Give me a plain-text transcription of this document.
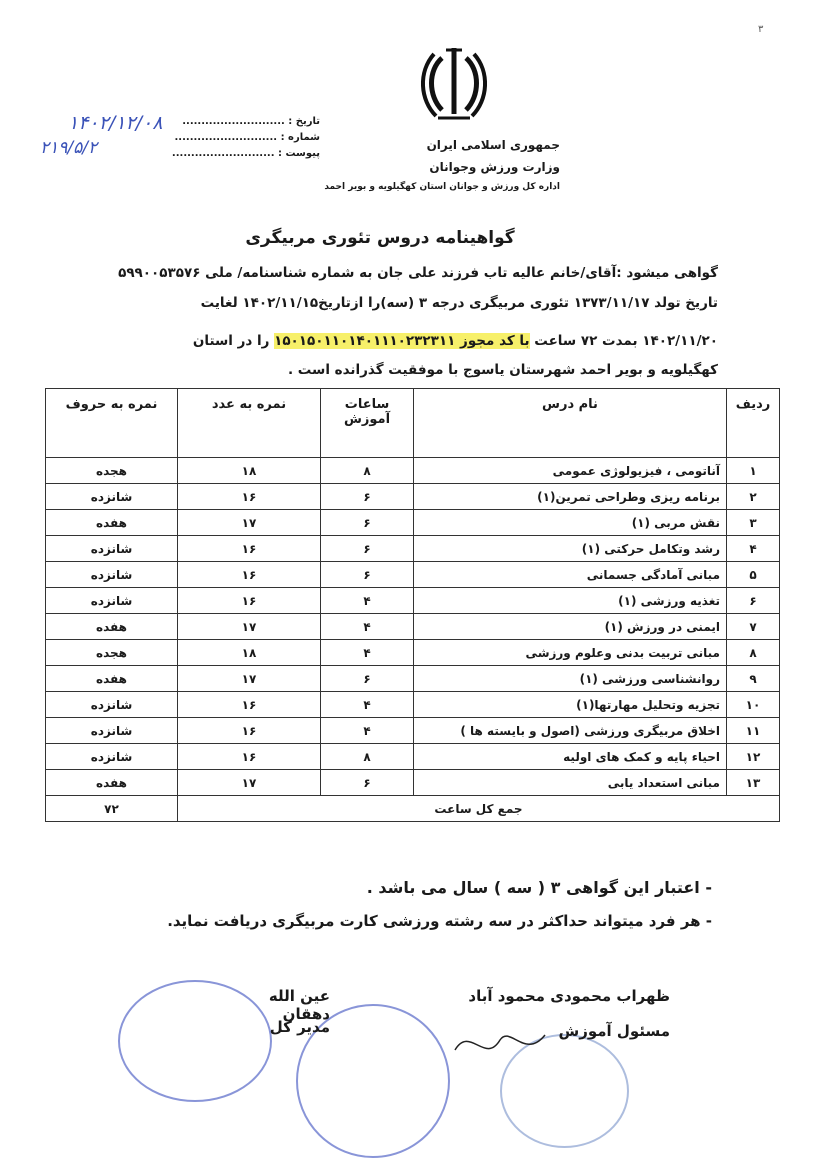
۳
جمهوری اسلامی ایران
وزارت ورزش وجوانان
اداره کل ورزش و جوانان استان کهگیلویه و بویر احمد
تاریخ : ...........................
شماره : ...........................
پیوست : ...........................
۱۴۰۲/۱۲/۰۸
۲۱۹/۵/۲
گواهینامه دروس تئوری مربیگری
گواهی میشود :آقای/خانم عالیه تاب فرزند علی جان به شماره شناسنامه/ ملی ۵۹۹۰۰۵۳۵۷۶
تاریخ تولد ۱۳۷۳/۱۱/۱۷ تئوری مربیگری درجه ۳ (سه)را ازتاریخ۱۴۰۲/۱۱/۱۵ لغایت
۱۴۰۲/۱۱/۲۰ بمدت ۷۲ ساعت با کد مجوز ۱۵۰۱۵۰۱۱۰۱۴۰۱۱۱۰۲۳۲۳۱۱ را در استان
کهگیلویه و بویر احمد شهرستان یاسوج با موفقیت گذرانده است .
ردیف	نام درس	ساعات آموزش	نمره به عدد	نمره به حروف
۱	آناتومی ، فیزیولوژی عمومی	۸	۱۸	هجده
۲	برنامه ریزی وطراحی تمرین(۱)	۶	۱۶	شانزده
۳	نقش مربی (۱)	۶	۱۷	هفده
۴	رشد وتکامل حرکتی (۱)	۶	۱۶	شانزده
۵	مبانی آمادگی جسمانی	۶	۱۶	شانزده
۶	تغذیه ورزشی (۱)	۴	۱۶	شانزده
۷	ایمنی در ورزش (۱)	۴	۱۷	هفده
۸	مبانی تربیت بدنی وعلوم ورزشی	۴	۱۸	هجده
۹	روانشناسی ورزشی (۱)	۶	۱۷	هفده
۱۰	تجزیه وتحلیل مهارتها(۱)	۴	۱۶	شانزده
۱۱	اخلاق مربیگری ورزشی (اصول و بایسته ها )	۴	۱۶	شانزده
۱۲	احیاء پایه و کمک های اولیه	۸	۱۶	شانزده
۱۳	مبانی استعداد یابی	۶	۱۷	هفده
جمع کل ساعت				۷۲
- اعتبار این گواهی ۳ ( سه ) سال می باشد .
- هر فرد میتواند حداکثر در سه رشته ورزشی کارت مربیگری دریافت نماید.
عین الله دهقان
مدیر کل
ظهراب محمودی محمود آباد
مسئول آموزش
